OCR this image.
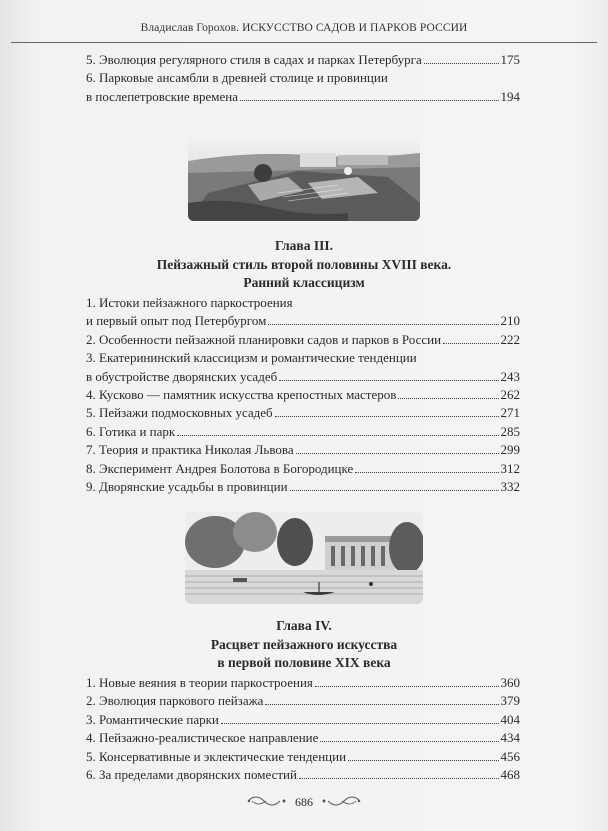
Владислав Горохов. ИСКУССТВО САДОВ И ПАРКОВ РОССИИ
5. Эволюция регулярного стиля в садах и парках Петербурга	175
6. Парковые ансамбли в древней столице и провинции
в послепетровские времена	194
Глава III.
Пейзажный стиль второй половины XVIII века.
Ранний классицизм
1. Истоки пейзажного паркостроения
и первый опыт под Петербургом	210
2. Особенности пейзажной планировки садов и парков в России	222
3. Екатерининский классицизм и романтические тенденции
в обустройстве дворянских усадеб	243
4. Кусково — памятник искусства крепостных мастеров	262
5. Пейзажи подмосковных усадеб	271
6. Готика и парк	285
7. Теория и практика Николая Львова	299
8. Эксперимент Андрея Болотова в Богородицке	312
9. Дворянские усадьбы в провинции	332
Глава IV.
Расцвет пейзажного искусства
в первой половине XIX века
1. Новые веяния в теории паркостроения	360
2. Эволюция паркового пейзажа	379
3. Романтические парки	404
4. Пейзажно-реалистическое направление	434
5. Консервативные и эклектические тенденции	456
6. За пределами дворянских поместий	468
686
